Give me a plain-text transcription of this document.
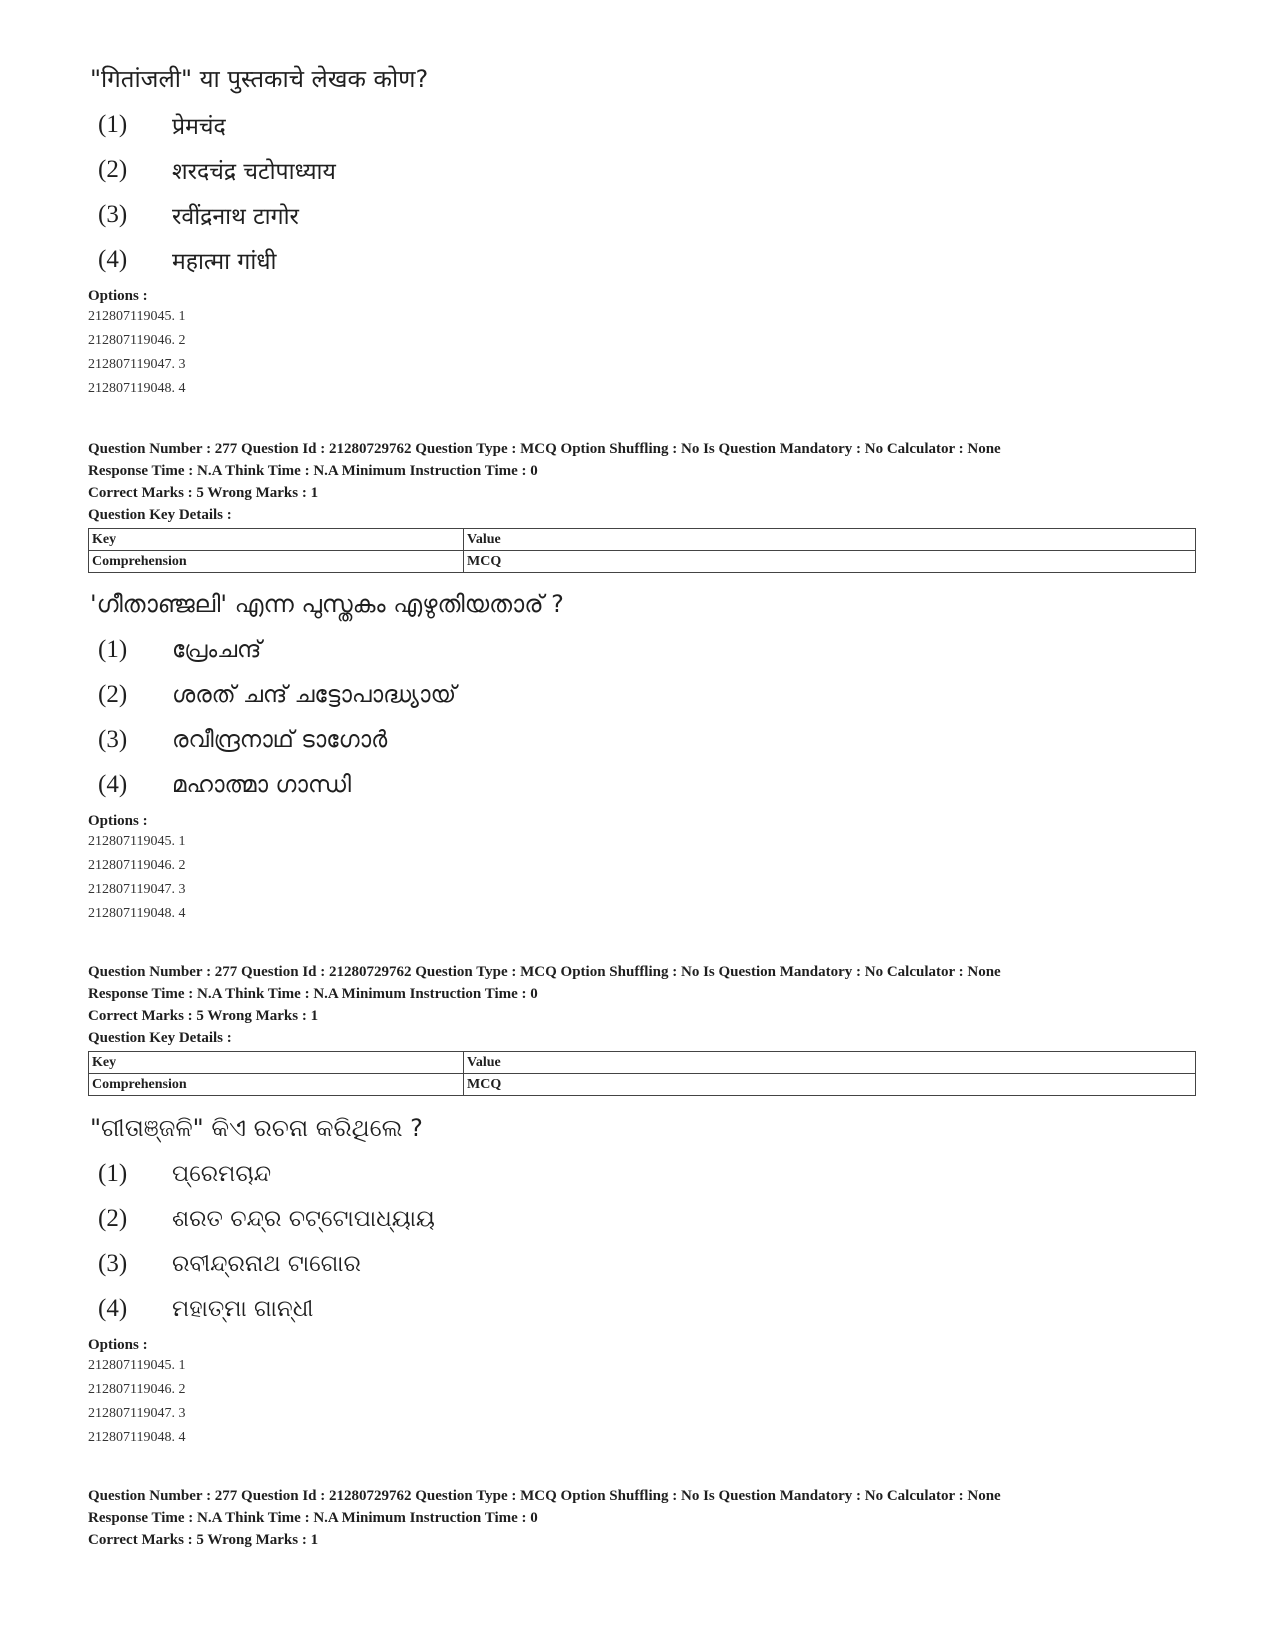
"गितांजली" या पुस्तकाचे लेखक कोण?
(1)	प्रेमचंद
(2)	शरदचंद्र चटोपाध्याय
(3)	रवींद्रनाथ टागोर
(4)	महात्मा गांधी
Options :
212807119045. 1
212807119046. 2
212807119047. 3
212807119048. 4
Question Number : 277 Question Id : 21280729762 Question Type : MCQ Option Shuffling : No Is Question Mandatory : No Calculator : None
Response Time : N.A Think Time : N.A Minimum Instruction Time : 0
Correct Marks : 5 Wrong Marks : 1
Question Key Details :
Key	Value
Comprehension	MCQ
'ഗീതാഞ്ജലി' എന്ന പുസ്തകം എഴുതിയതാര് ?
(1)	പ്രേംചന്ദ്
(2)	ശരത് ചന്ദ് ചട്ടോപാദ്ധ്യായ്
(3)	രവീന്ദ്രനാഥ് ടാഗോർ
(4)	മഹാത്മാ ഗാന്ധി
Options :
212807119045. 1
212807119046. 2
212807119047. 3
212807119048. 4
Question Number : 277 Question Id : 21280729762 Question Type : MCQ Option Shuffling : No Is Question Mandatory : No Calculator : None
Response Time : N.A Think Time : N.A Minimum Instruction Time : 0
Correct Marks : 5 Wrong Marks : 1
Question Key Details :
Key	Value
Comprehension	MCQ
"ଗୀତାଞ୍ଜଳି" କିଏ ରଚନା କରିଥିଲେ ?
(1)	ପ୍ରେମଚାନ୍ଦ
(2)	ଶରତ ଚନ୍ଦ୍ର ଚଟ୍ଟୋପାଧ୍ୟାୟ
(3)	ରବୀନ୍ଦ୍ରନାଥ ଟାଗୋର
(4)	ମହାତ୍ମା ଗାନ୍ଧୀ
Options :
212807119045. 1
212807119046. 2
212807119047. 3
212807119048. 4
Question Number : 277 Question Id : 21280729762 Question Type : MCQ Option Shuffling : No Is Question Mandatory : No Calculator : None
Response Time : N.A Think Time : N.A Minimum Instruction Time : 0
Correct Marks : 5 Wrong Marks : 1
